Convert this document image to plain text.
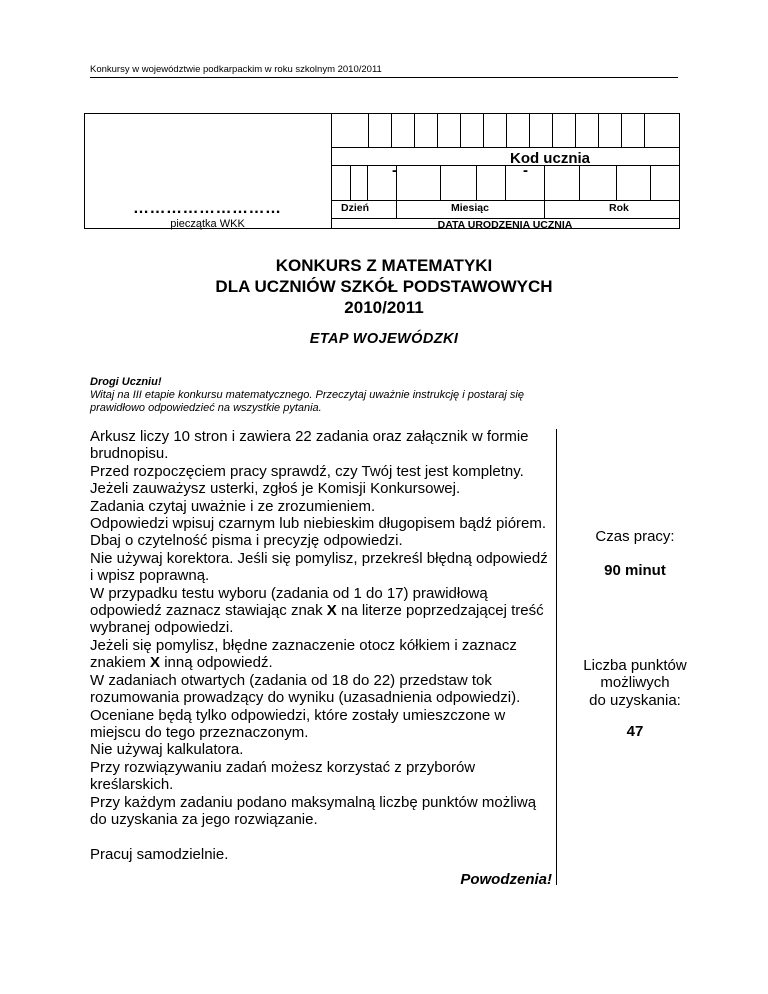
Konkursy w województwie podkarpackim w roku szkolnym 2010/2011
Kod ucznia
-	-
………………………
pieczątka WKK
Dzień	Miesiąc	Rok
DATA URODZENIA UCZNIA
KONKURS Z MATEMATYKI
DLA UCZNIÓW SZKÓŁ PODSTAWOWYCH
2010/2011
ETAP WOJEWÓDZKI
Drogi Uczniu!
Witaj na III etapie konkursu matematycznego. Przeczytaj uważnie instrukcję i postaraj się
prawidłowo odpowiedzieć na wszystkie pytania.

Arkusz liczy 10 stron i zawiera 22 zadania oraz załącznik w formie brudnopisu.

Przed rozpoczęciem pracy sprawdź, czy Twój test jest kompletny.

Jeżeli zauważysz usterki, zgłoś je Komisji Konkursowej.

Zadania czytaj uważnie i ze zrozumieniem.

Odpowiedzi wpisuj czarnym lub niebieskim długopisem bądź piórem.

Dbaj o czytelność pisma i precyzję odpowiedzi.

Nie używaj korektora. Jeśli się pomylisz, przekreśl błędną odpowiedź i wpisz poprawną.

W przypadku testu wyboru (zadania od 1 do 17) prawidłową odpowiedź zaznacz stawiając znak X na literze poprzedzającej treść wybranej odpowiedzi.

Jeżeli się pomylisz, błędne zaznaczenie otocz kółkiem i zaznacz znakiem X inną odpowiedź.

W zadaniach otwartych (zadania od 18 do 22) przedstaw tok rozumowania prowadzący do wyniku (uzasadnienia odpowiedzi).

Oceniane będą tylko odpowiedzi, które zostały umieszczone w miejscu do tego przeznaczonym.

Nie używaj kalkulatora.

Przy rozwiązywaniu zadań możesz korzystać z przyborów kreślarskich.

Przy każdym zadaniu podano maksymalną liczbę punktów możliwą do uzyskania za jego rozwiązanie.

Pracuj samodzielnie.

Powodzenia!
Czas pracy:
90 minut
Liczba punktów
możliwych
do uzyskania:
47
